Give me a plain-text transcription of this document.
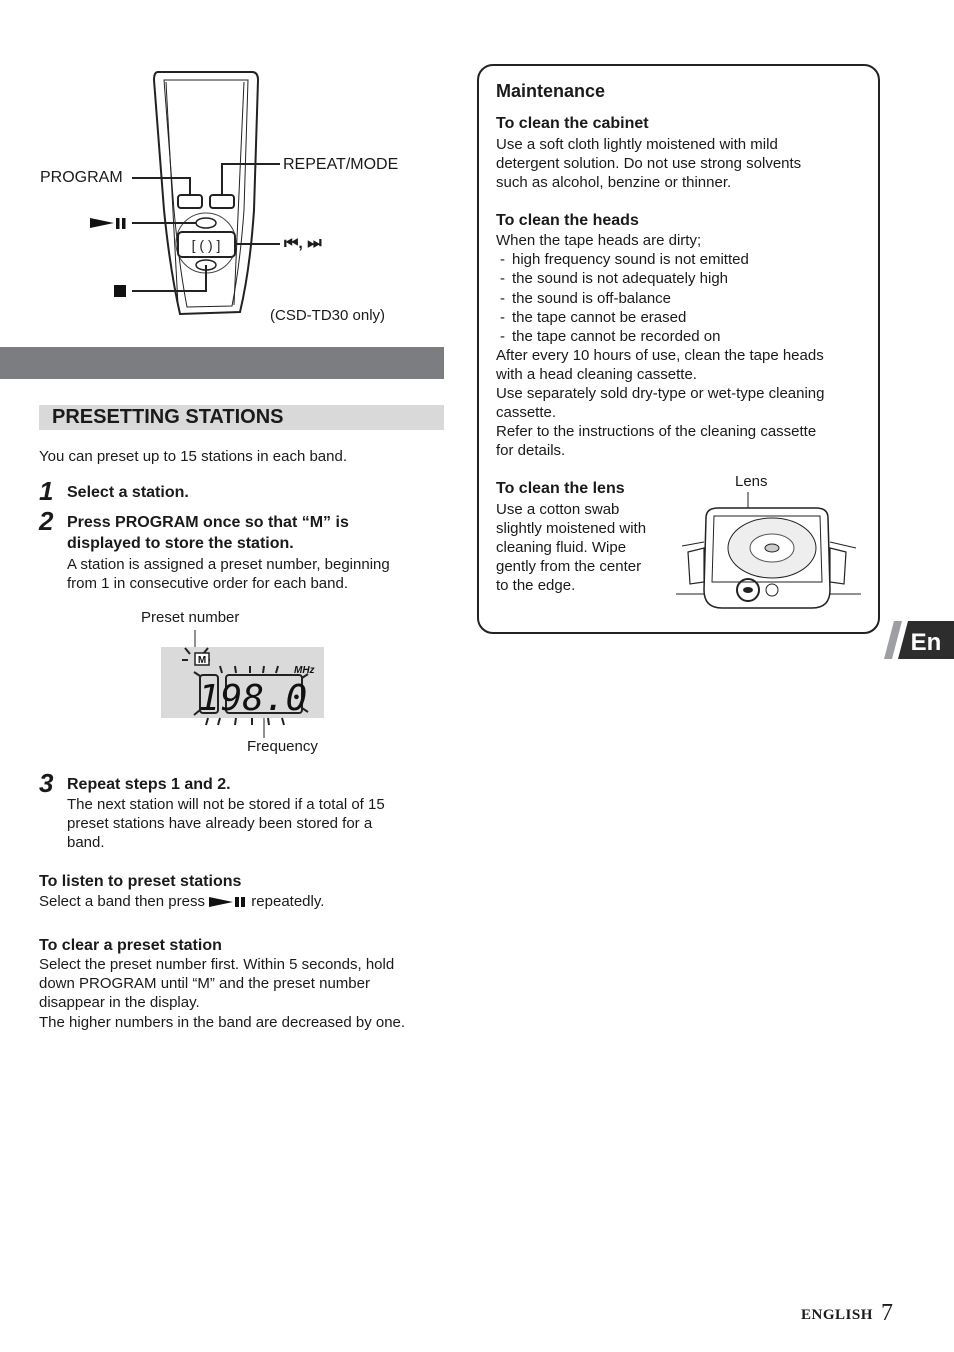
[ ( ) ]
PROGRAM
REPEAT/MODE
⏮, ⏭
(CSD-TD30 only)
PRESETTING STATIONS

You can preset up to 15 stations in each band.

1 Select a station.

2 Press PROGRAM once so that “M” is

displayed to store the station.

A station is assigned a preset number, beginning

from 1 in consecutive order for each band.

Preset number
M
MHz
1 98.0
Frequency
3 Repeat steps 1 and 2.

The next station will not be stored if a total of 15

preset stations have already been stored for a

band.

To listen to preset stations

Select a band then press	repeatedly.

To clear a preset station

Select the preset number first. Within 5 seconds, hold

down PROGRAM until “M” and the preset number

disappear in the display.

The higher numbers in the band are decreased by one.

Maintenance

To clean the cabinet

Use a soft cloth lightly moistened with mild

detergent solution. Do not use strong solvents

such as alcohol, benzine or thinner.

To clean the heads

When the tape heads are dirty;

- high frequency sound is not emitted

- the sound is not adequately high

- the sound is off-balance

- the tape cannot be erased

- the tape cannot be recorded on

After every 10 hours of use, clean the tape heads

with a head cleaning cassette.

Use separately sold dry-type or wet-type cleaning

cassette.

Refer to the instructions of the cleaning cassette

for details.

To clean the lens

Use a cotton swab

slightly moistened with

cleaning fluid. Wipe

gently from the center

to the edge.

Lens
En
ENGLISH 7
